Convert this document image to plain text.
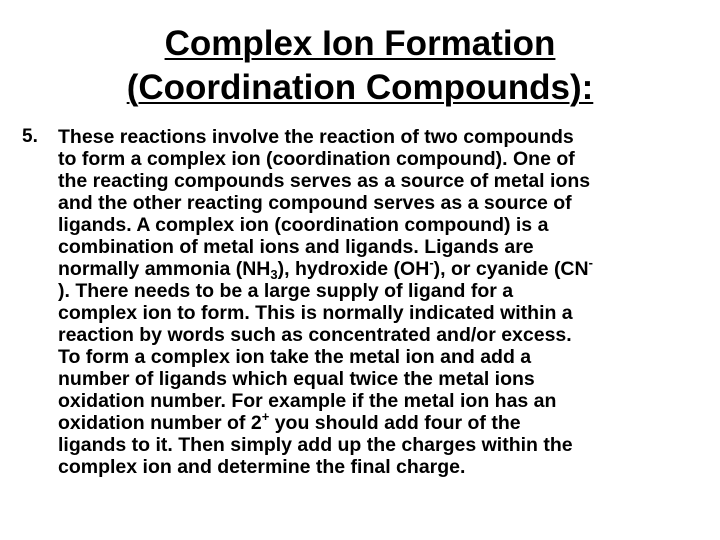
Complex Ion Formation
(Coordination Compounds):
5. These reactions involve the reaction of two compounds
to form a complex ion (coordination compound). One of
the reacting compounds serves as a source of metal ions
and the other reacting compound serves as a source of
ligands. A complex ion (coordination compound) is a
combination of metal ions and ligands. Ligands are
normally ammonia $(NH_3)$, hydroxide (OH-), or cyanide (CN-
). There needs to be a large supply of ligand for a
complex ion to form. This is normally indicated within a
reaction by words such as concentrated and/or excess.
To form a complex ion take the metal ion and add a
number of ligands which equal twice the metal ions
oxidation number. For example if the metal ion has an
oxidation number of 2+ you should add four of the
ligands to it. Then simply add up the charges within the
complex ion and determine the final charge.
